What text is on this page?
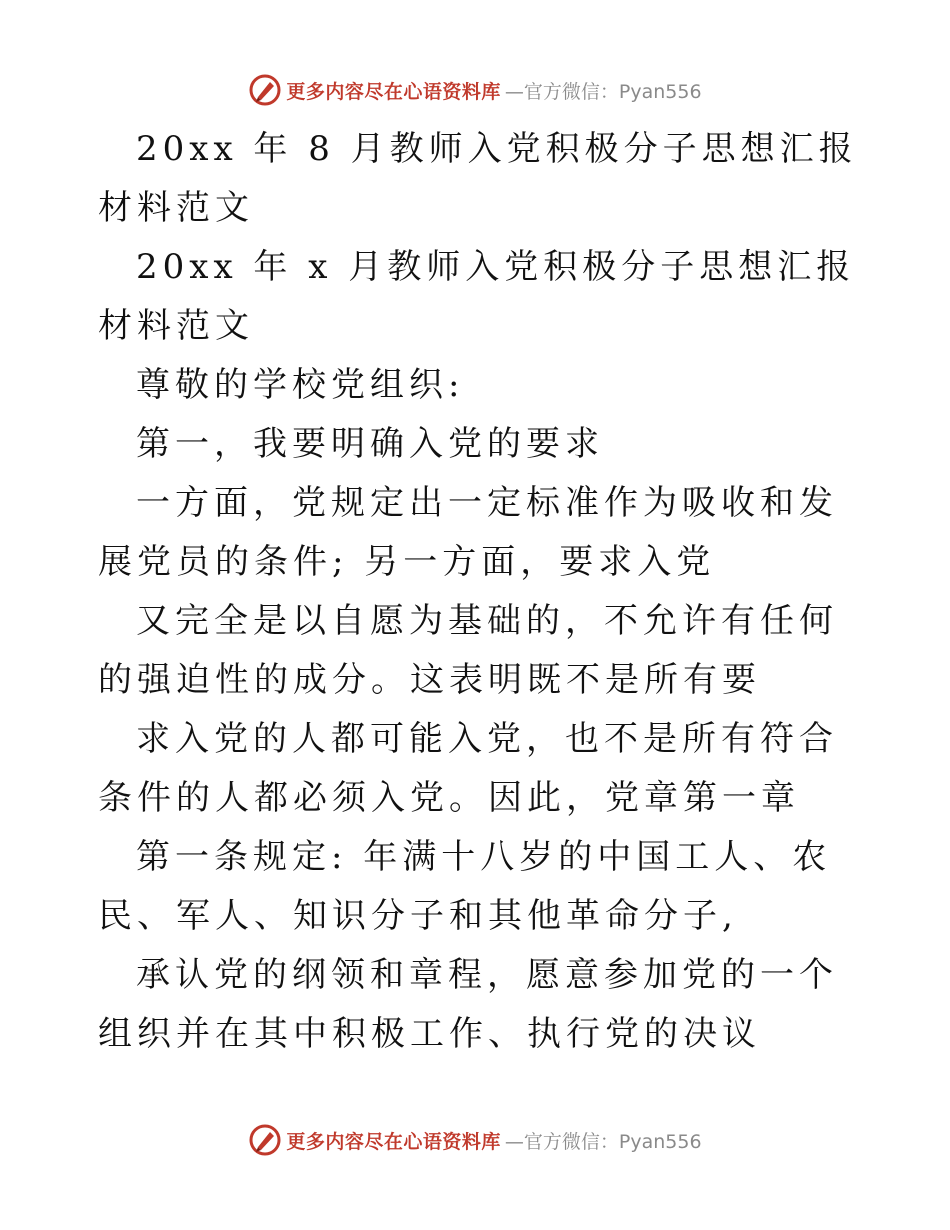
更多内容尽在心语资料库 —官方微信：Pyan556

20xx 年 8 月教师入党积极分子思想汇报材料范文

20xx 年 x 月教师入党积极分子思想汇报材料范文

尊敬的学校党组织:

第一，我要明确入党的要求

一方面，党规定出一定标准作为吸收和发展党员的条件; 另一方面，要求入党

又完全是以自愿为基础的，不允许有任何的强迫性的成分。这表明既不是所有要

求入党的人都可能入党，也不是所有符合条件的人都必须入党。因此，党章第一章

第一条规定: 年满十八岁的中国工人、农民、军人、知识分子和其他革命分子,

承认党的纲领和章程，愿意参加党的一个组织并在其中积极工作、执行党的决议

更多内容尽在心语资料库 —官方微信：Pyan556
